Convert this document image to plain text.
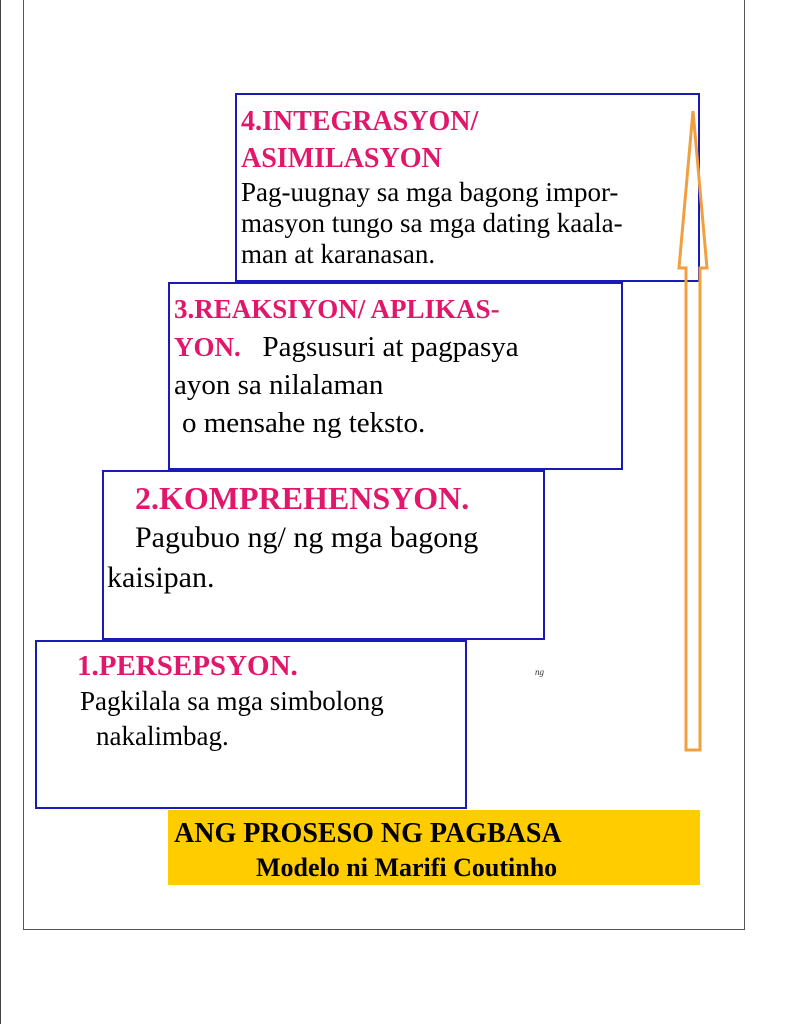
4.INTEGRASYON/
ASIMILASYON
Pag-uugnay sa mga bagong impor-
masyon tungo sa mga dating kaala-
man at karanasan.
3.REAKSIYON/ APLIKAS-
YON. Pagsusuri at pagpasya
ayon sa nilalaman
o mensahe ng teksto.
2.KOMPREHENSYON.
Pagubuo ng/ ng mga bagong
kaisipan.
1.PERSEPSYON.
Pagkilala sa mga simbolong
nakalimbag.
ng
ANG PROSESO NG PAGBASA
Modelo ni Marifi Coutinho
